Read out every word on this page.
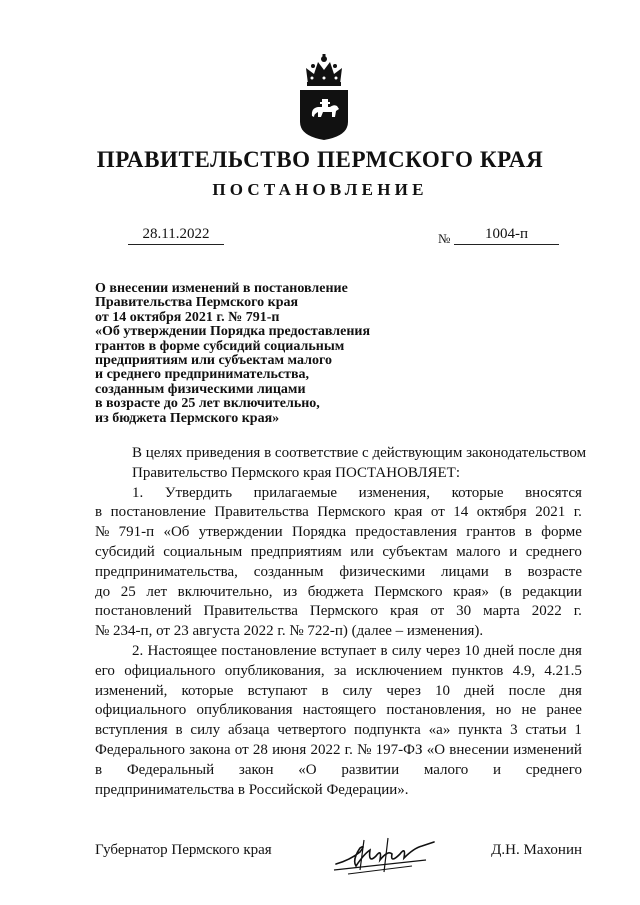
ПРАВИТЕЛЬСТВО ПЕРМСКОГО КРАЯ
ПОСТАНОВЛЕНИЕ
28.11.2022	№	1004-п
О внесении изменений в постановление
Правительства Пермского края
от 14 октября 2021 г. № 791-п
«Об утверждении Порядка предоставления
грантов в форме субсидий социальным
предприятиям или субъектам малого
и среднего предпринимательства,
созданным физическими лицами
в возрасте до 25 лет включительно,
из бюджета Пермского края»
В целях приведения в соответствие с действующим законодательством
Правительство Пермского края ПОСТАНОВЛЯЕТ:
1. Утвердить прилагаемые изменения, которые вносятся
в постановление Правительства Пермского края от 14 октября 2021 г.
№ 791-п «Об утверждении Порядка предоставления грантов в форме
субсидий социальным предприятиям или субъектам малого и среднего
предпринимательства, созданным физическими лицами в возрасте
до 25 лет включительно, из бюджета Пермского края» (в редакции
постановлений Правительства Пермского края от 30 марта 2022 г.
№ 234-п, от 23 августа 2022 г. № 722-п) (далее – изменения).
2. Настоящее постановление вступает в силу через 10 дней после дня
его официального опубликования, за исключением пунктов 4.9, 4.21.5
изменений, которые вступают в силу через 10 дней после дня
официального опубликования настоящего постановления, но не ранее
вступления в силу абзаца четвертого подпункта «а» пункта 3 статьи 1
Федерального закона от 28 июня 2022 г. № 197-ФЗ «О внесении изменений
в Федеральный закон «О развитии малого и среднего
предпринимательства в Российской Федерации».
Губернатор Пермского края	Д.Н. Махонин
